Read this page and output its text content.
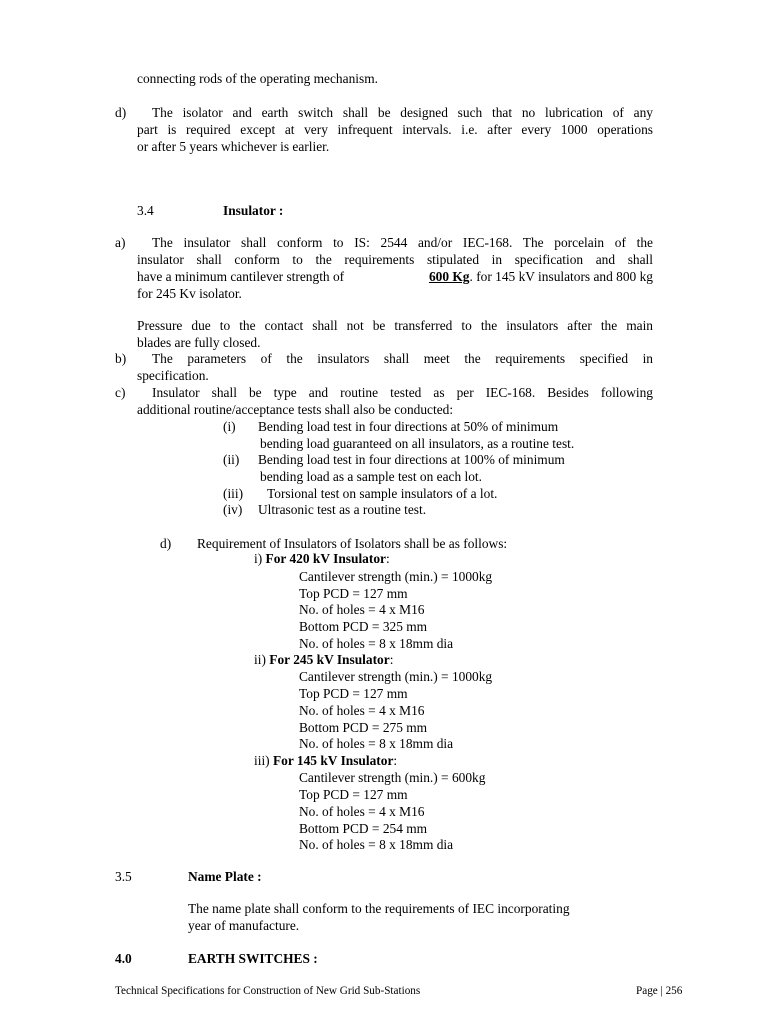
connecting rods of the operating mechanism.
d) The isolator and earth switch shall be designed such that no lubrication of any
part is required except at very infrequent intervals. i.e. after every 1000 operations
or after 5 years whichever is earlier.
3.4	Insulator :
a) The insulator shall conform to IS: 2544 and/or IEC-168. The porcelain of the
insulator shall conform to the requirements stipulated in specification and shall
have a minimum cantilever strength of	600 Kg. for 145 kV insulators and 800 kg
for 245 Kv isolator.
Pressure due to the contact shall not be transferred to the insulators after the main
blades are fully closed.
b) The parameters of the insulators shall meet the requirements specified in
specification.
c) Insulator shall be type and routine tested as per IEC-168. Besides following
additional routine/acceptance tests shall also be conducted:
(i) Bending load test in four directions at 50% of minimum
bending load guaranteed on all insulators, as a routine test.
(ii) Bending load test in four directions at 100% of minimum
bending load as a sample test on each lot.
(iii) Torsional test on sample insulators of a lot.
(iv) Ultrasonic test as a routine test.
d) Requirement of Insulators of Isolators shall be as follows:
i) For 420 kV Insulator:
Cantilever strength (min.) = 1000kg
Top PCD = 127 mm
No. of holes = 4 x M16
Bottom PCD = 325 mm
No. of holes = 8 x 18mm dia
ii) For 245 kV Insulator:
Cantilever strength (min.) = 1000kg
Top PCD = 127 mm
No. of holes = 4 x M16
Bottom PCD = 275 mm
No. of holes = 8 x 18mm dia
iii) For 145 kV Insulator:
Cantilever strength (min.) = 600kg
Top PCD = 127 mm
No. of holes = 4 x M16
Bottom PCD = 254 mm
No. of holes = 8 x 18mm dia
3.5	Name Plate :
The name plate shall conform to the requirements of IEC incorporating
year of manufacture.
4.0	EARTH SWITCHES :
Technical Specifications for Construction of New Grid Sub-Stations	Page | 256
